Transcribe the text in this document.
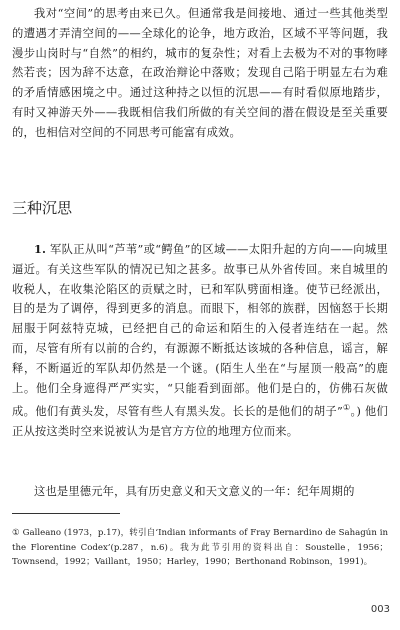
我对“空间”的思考由来已久。但通常我是间接地、通过一些其他类型的遭遇才弄清空间的——全球化的论争，地方政治，区域不平等问题，我漫步山岗时与“自然”的相约，城市的复杂性；对看上去极为不对的事物哮然若丧；因为辞不达意，在政治辩论中落败；发现自己陷于明显左右为难的矛盾情感困境之中。通过这种持之以恒的沉思——有时看似原地踏步，有时又神游天外——我既相信我们所做的有关空间的潜在假设是至关重要的，也相信对空间的不同思考可能富有成效。

三种沉思

1. 军队正从叫“芦苇”或“鳄鱼”的区域——太阳升起的方向——向城里逼近。有关这些军队的情况已知之甚多。故事已从外省传回。来自城里的收税人，在收集沦陷区的贡赋之时，已和军队劈面相逢。使节已经派出，目的是为了调停，得到更多的消息。而眼下，相邻的族群，因恼怒于长期屈服于阿兹特克城，已经把自己的命运和陌生的入侵者连结在一起。然而，尽管有所有以前的合约，有源源不断抵达该城的各种信息，谣言，解释，不断逼近的军队却仍然是一个谜。(陌生人坐在“与屋顶一般高”的鹿上。他们全身遮得严严实实，“只能看到面部。他们是白的，仿佛石灰做成。他们有黄头发，尽管有些人有黑头发。长长的是他们的胡子”①。) 他们正从按这类时空来说被认为是官方方位的地理方位而来。

这也是里德元年，具有历史意义和天文意义的一年：纪年周期的

① Galleano (1973，p.17)，转引自‘Indian informants of Fray Bernardino de Sahagún in the Florentine Codex’(p.287，n.6)。我为此节引用的资料出自：Soustelle，1956；Townsend，1992；Vaillant，1950；Harley，1990；Berthonand Robinson，1991)。

003
